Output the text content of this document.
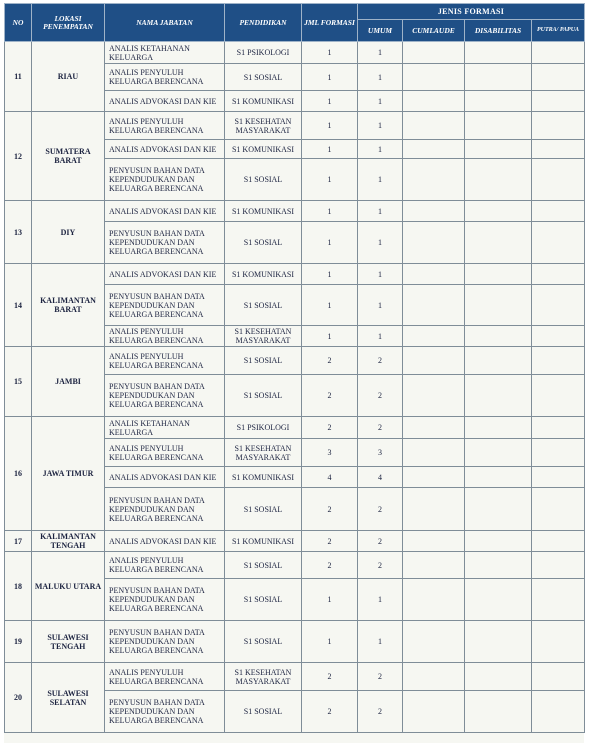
NO	LOKASI PENEMPATAN	NAMA JABATAN	PENDIDIKAN	JML FORMASI	JENIS FORMASI			
					UMUM	CUMLAUDE	DISABILITAS	PUTRA/ PAPUA
11	RIAU	ANALIS KETAHANAN KELUARGA	S1 PSIKOLOGI	1	1			
		ANALIS PENYULUH KELUARGA BERENCANA	S1 SOSIAL	1	1			
		ANALIS ADVOKASI DAN KIE	S1 KOMUNIKASI	1	1			
12	SUMATERA BARAT	ANALIS PENYULUH KELUARGA BERENCANA	S1 KESEHATAN MASYARAKAT	1	1			
		ANALIS ADVOKASI DAN KIE	S1 KOMUNIKASI	1	1			
		PENYUSUN BAHAN DATA KEPENDUDUKAN DAN KELUARGA BERENCANA	S1 SOSIAL	1	1			
13	DIY	ANALIS ADVOKASI DAN KIE	S1 KOMUNIKASI	1	1			
		PENYUSUN BAHAN DATA KEPENDUDUKAN DAN KELUARGA BERENCANA	S1 SOSIAL	1	1			
14	KALIMANTAN BARAT	ANALIS ADVOKASI DAN KIE	S1 KOMUNIKASI	1	1			
		PENYUSUN BAHAN DATA KEPENDUDUKAN DAN KELUARGA BERENCANA	S1 SOSIAL	1	1			
		ANALIS PENYULUH KELUARGA BERENCANA	S1 KESEHATAN MASYARAKAT	1	1			
15	JAMBI	ANALIS PENYULUH KELUARGA BERENCANA	S1 SOSIAL	2	2			
		PENYUSUN BAHAN DATA KEPENDUDUKAN DAN KELUARGA BERENCANA	S1 SOSIAL	2	2			
16	JAWA TIMUR	ANALIS KETAHANAN KELUARGA	S1 PSIKOLOGI	2	2			
		ANALIS PENYULUH KELUARGA BERENCANA	S1 KESEHATAN MASYARAKAT	3	3			
		ANALIS ADVOKASI DAN KIE	S1 KOMUNIKASI	4	4			
		PENYUSUN BAHAN DATA KEPENDUDUKAN DAN KELUARGA BERENCANA	S1 SOSIAL	2	2			
17	KALIMANTAN TENGAH	ANALIS ADVOKASI DAN KIE	S1 KOMUNIKASI	2	2			
18	MALUKU UTARA	ANALIS PENYULUH KELUARGA BERENCANA	S1 SOSIAL	2	2			
		PENYUSUN BAHAN DATA KEPENDUDUKAN DAN KELUARGA BERENCANA	S1 SOSIAL	1	1			
19	SULAWESI TENGAH	PENYUSUN BAHAN DATA KEPENDUDUKAN DAN KELUARGA BERENCANA	S1 SOSIAL	1	1			
20	SULAWESI SELATAN	ANALIS PENYULUH KELUARGA BERENCANA	S1 KESEHATAN MASYARAKAT	2	2			
		PENYUSUN BAHAN DATA KEPENDUDUKAN DAN KELUARGA BERENCANA	S1 SOSIAL	2	2			
